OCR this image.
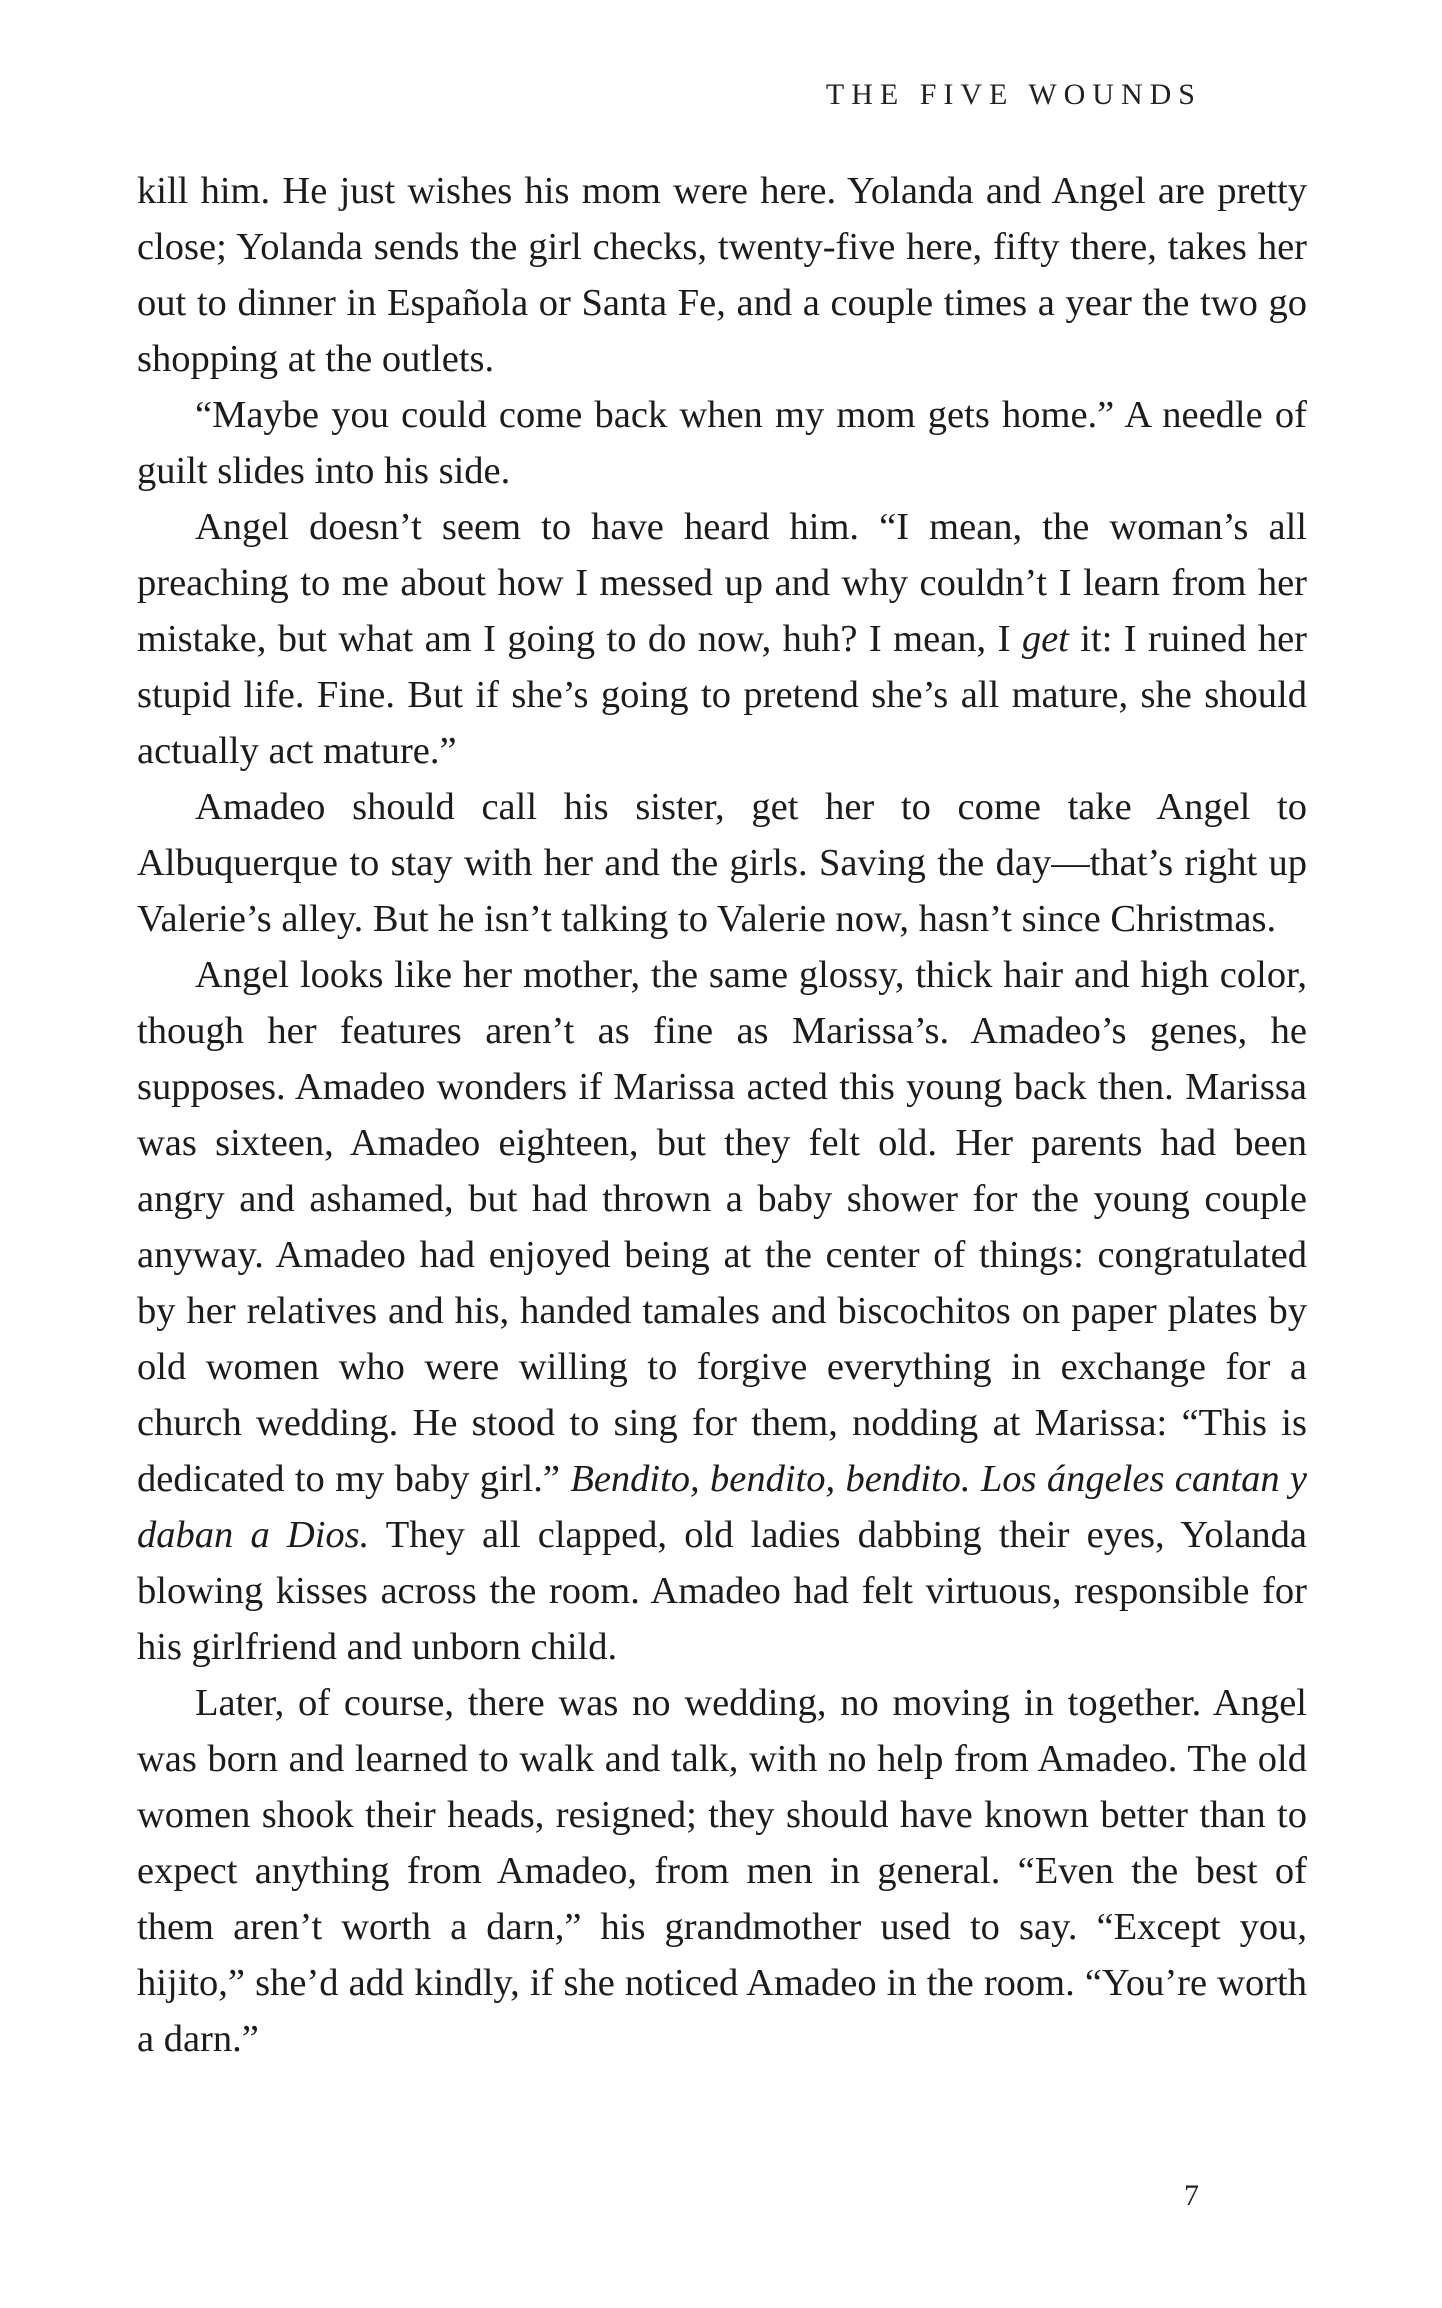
THE FIVE WOUNDS

kill him. He just wishes his mom were here. Yolanda and Angel are pretty close; Yolanda sends the girl checks, twenty-five here, fifty there, takes her out to dinner in Española or Santa Fe, and a couple times a year the two go shopping at the outlets.

“Maybe you could come back when my mom gets home.” A needle of guilt slides into his side.

Angel doesn’t seem to have heard him. “I mean, the woman’s all preaching to me about how I messed up and why couldn’t I learn from her mistake, but what am I going to do now, huh? I mean, I get it: I ruined her stupid life. Fine. But if she’s going to pretend she’s all mature, she should actually act mature.”

Amadeo should call his sister, get her to come take Angel to Albuquerque to stay with her and the girls. Saving the day—that’s right up Valerie’s alley. But he isn’t talking to Valerie now, hasn’t since Christmas.

Angel looks like her mother, the same glossy, thick hair and high color, though her features aren’t as fine as Marissa’s. Amadeo’s genes, he supposes. Amadeo wonders if Marissa acted this young back then. Marissa was sixteen, Amadeo eighteen, but they felt old. Her parents had been angry and ashamed, but had thrown a baby shower for the young couple anyway. Amadeo had enjoyed being at the center of things: congratulated by her relatives and his, handed tamales and biscochitos on paper plates by old women who were willing to forgive everything in exchange for a church wedding. He stood to sing for them, nodding at Marissa: “This is dedicated to my baby girl.” Bendito, bendito, bendito. Los ángeles cantan y daban a Dios. They all clapped, old ladies dabbing their eyes, Yolanda blowing kisses across the room. Amadeo had felt virtuous, responsible for his girlfriend and unborn child.

Later, of course, there was no wedding, no moving in together. Angel was born and learned to walk and talk, with no help from Amadeo. The old women shook their heads, resigned; they should have known better than to expect anything from Amadeo, from men in general. “Even the best of them aren’t worth a darn,” his grandmother used to say. “Except you, hijito,” she’d add kindly, if she noticed Amadeo in the room. “You’re worth a darn.”

7
